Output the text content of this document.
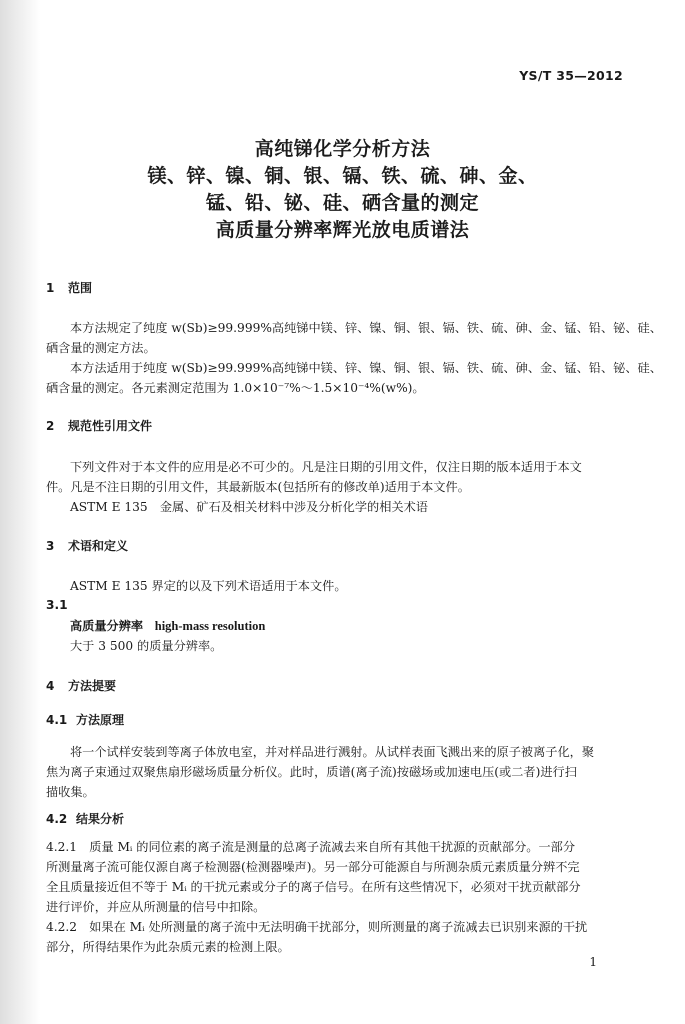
YS/T 35—2012
高纯锑化学分析方法
镁、锌、镍、铜、银、镉、铁、硫、砷、金、
锰、铅、铋、硅、硒含量的测定
高质量分辨率辉光放电质谱法
1 范围
本方法规定了纯度 w(Sb)≥99.999%高纯锑中镁、锌、镍、铜、银、镉、铁、硫、砷、金、锰、铅、铋、硅、
硒含量的测定方法。
本方法适用于纯度 w(Sb)≥99.999%高纯锑中镁、锌、镍、铜、银、镉、铁、硫、砷、金、锰、铅、铋、硅、
硒含量的测定。各元素测定范围为 1.0×10⁻⁷%～1.5×10⁻⁴%(w%)。
2 规范性引用文件
下列文件对于本文件的应用是必不可少的。凡是注日期的引用文件，仅注日期的版本适用于本文
件。凡是不注日期的引用文件，其最新版本(包括所有的修改单)适用于本文件。
ASTM E 135　金属、矿石及相关材料中涉及分析化学的相关术语
3 术语和定义
ASTM E 135 界定的以及下列术语适用于本文件。
3.1
高质量分辨率 high-mass resolution
大于 3 500 的质量分辨率。
4 方法提要
4.1 方法原理
将一个试样安装到等离子体放电室，并对样品进行溅射。从试样表面飞溅出来的原子被离子化，聚
焦为离子束通过双聚焦扇形磁场质量分析仪。此时，质谱(离子流)按磁场或加速电压(或二者)进行扫
描收集。
4.2 结果分析
4.2.1　质量 Mᵢ 的同位素的离子流是测量的总离子流减去来自所有其他干扰源的贡献部分。一部分
所测量离子流可能仅源自离子检测器(检测器噪声)。另一部分可能源自与所测杂质元素质量分辨不完
全且质量接近但不等于 Mᵢ 的干扰元素或分子的离子信号。在所有这些情况下，必须对干扰贡献部分
进行评价，并应从所测量的信号中扣除。
4.2.2　如果在 Mᵢ 处所测量的离子流中无法明确干扰部分，则所测量的离子流减去已识别来源的干扰
部分，所得结果作为此杂质元素的检测上限。
1
